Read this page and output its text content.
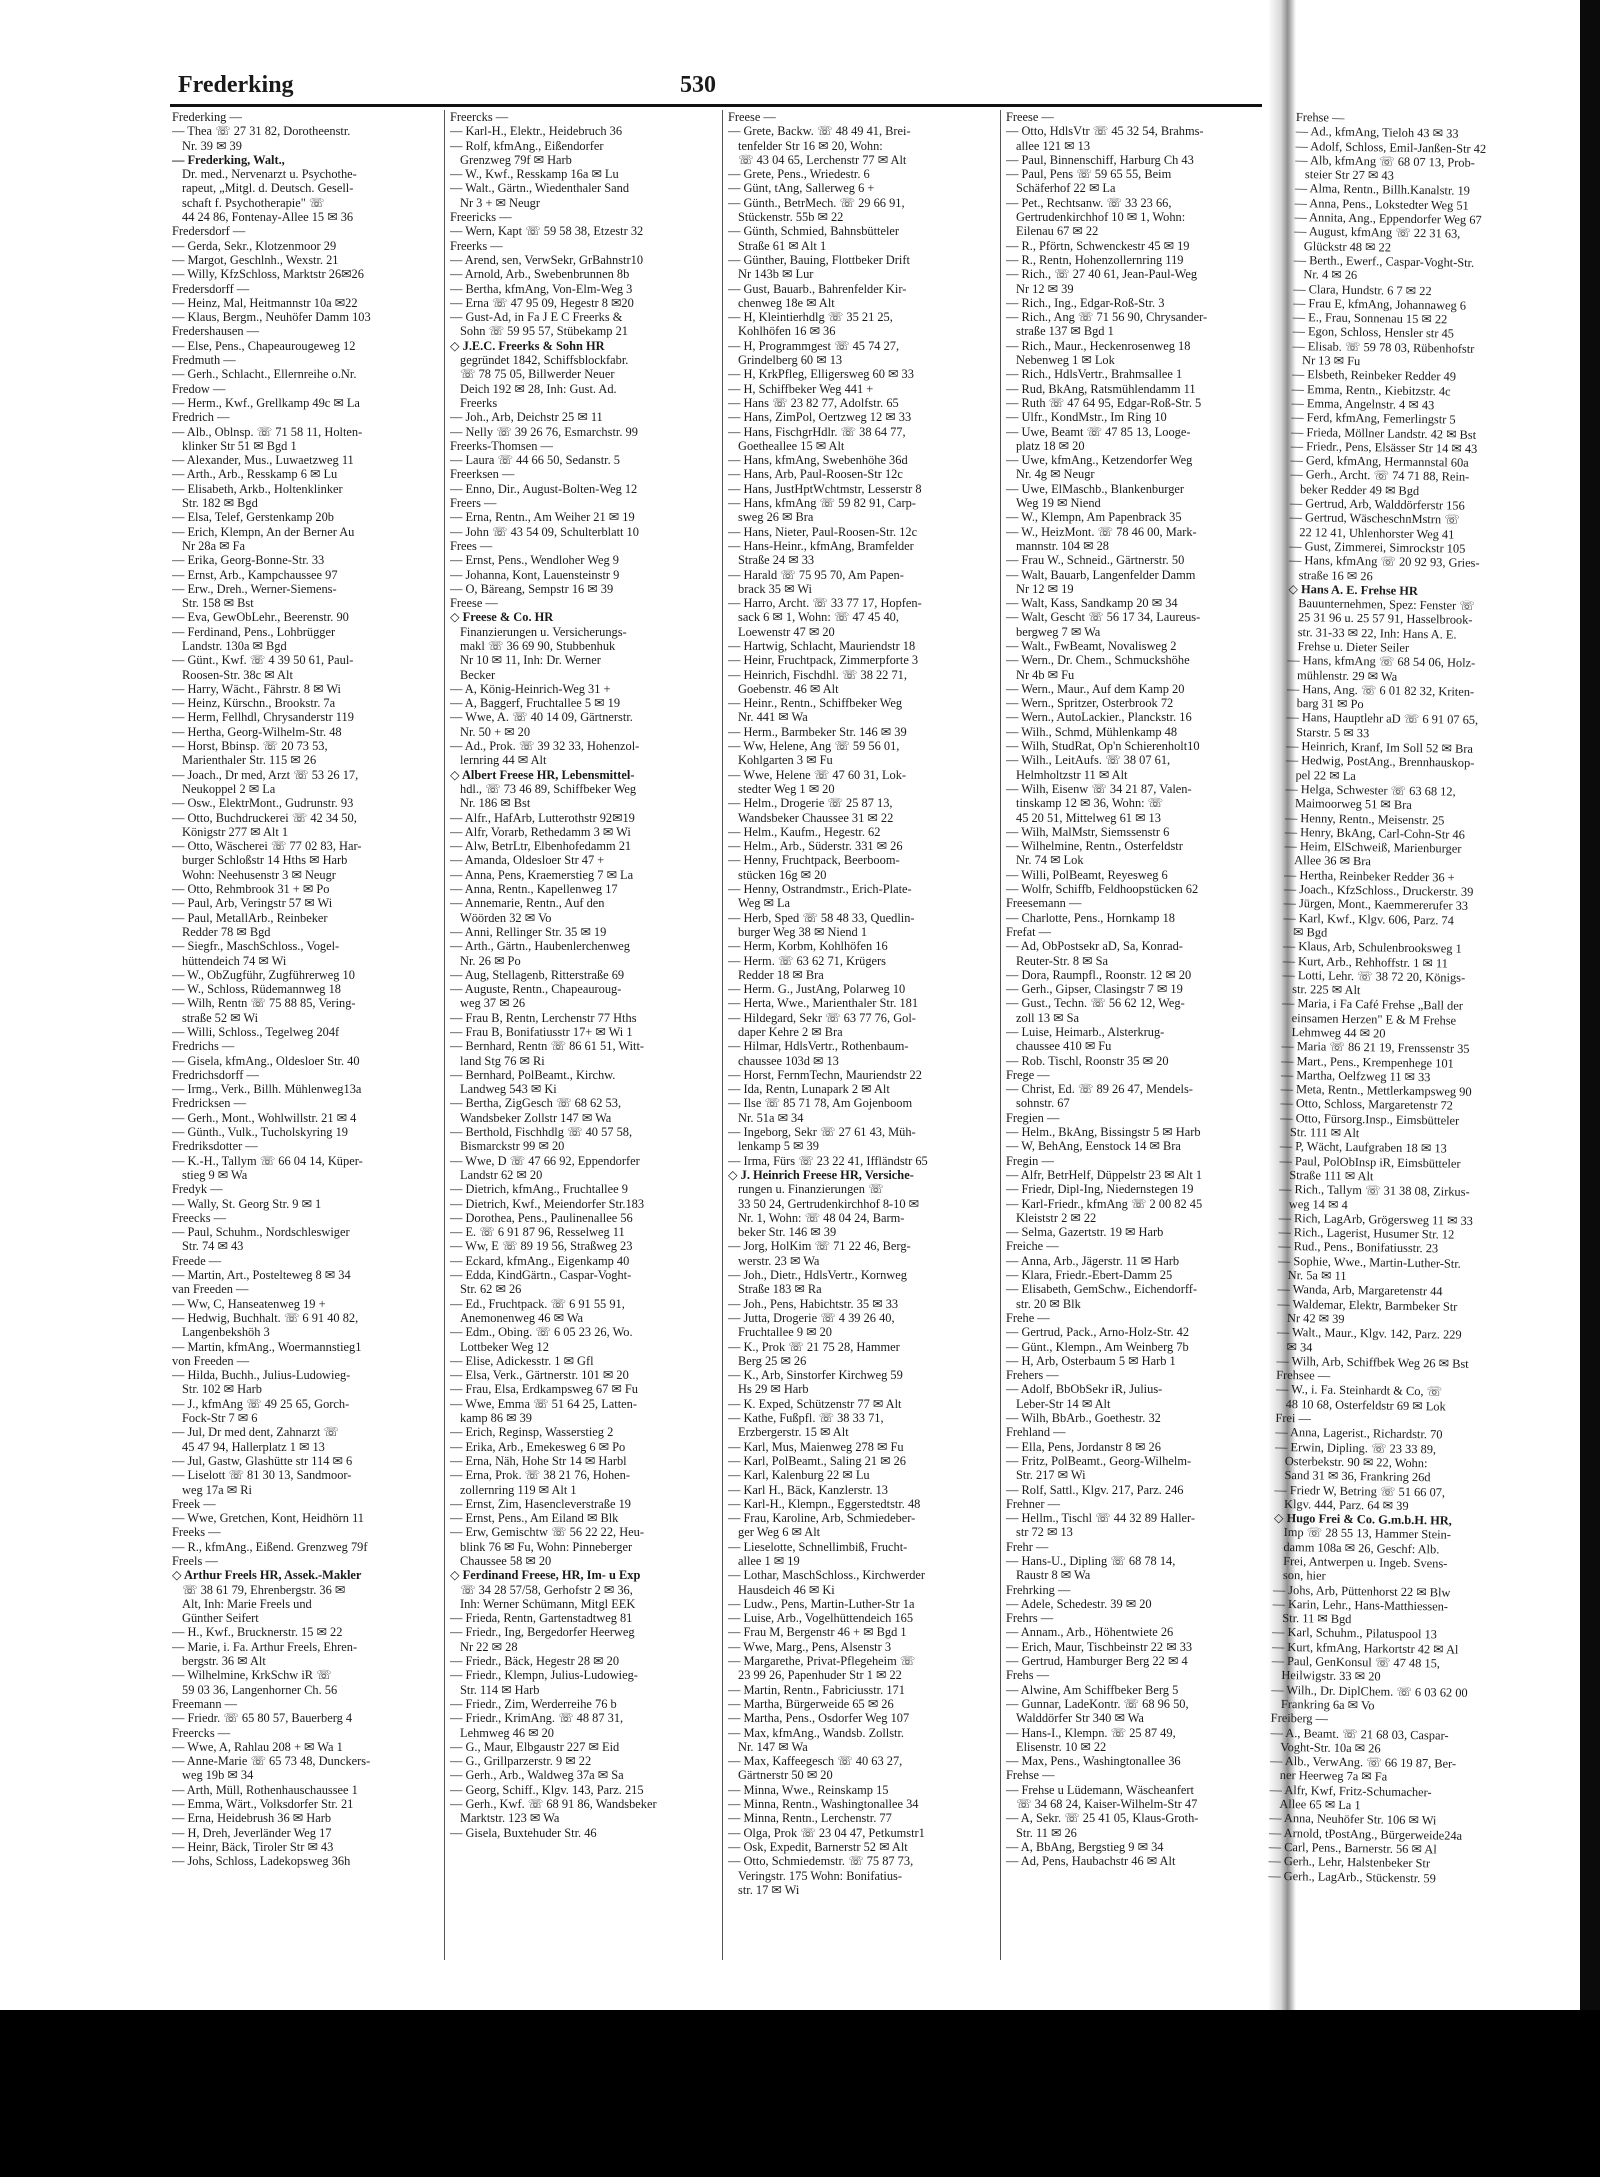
Frederking	530
Frederking —
— Thea ☏ 27 31 82, Dorotheenstr.
Nr. 39 ✉ 39
— Frederking, Walt.,
Dr. med., Nervenarzt u. Psychothe-
rapeut, „Mitgl. d. Deutsch. Gesell-
schaft f. Psychotherapie" ☏
44 24 86, Fontenay-Allee 15 ✉ 36
Fredersdorf —
— Gerda, Sekr., Klotzenmoor 29
— Margot, Geschlnh., Wexstr. 21
— Willy, KfzSchloss, Marktstr 26✉26
Fredersdorff —
— Heinz, Mal, Heitmannstr 10a ✉22
— Klaus, Bergm., Neuhöfer Damm 103
Fredershausen —
— Else, Pens., Chapeaurougeweg 12
Fredmuth —
— Gerh., Schlacht., Ellernreihe o.Nr.
Fredow —
— Herm., Kwf., Grellkamp 49c ✉ La
Fredrich —
— Alb., Oblnsp. ☏ 71 58 11, Holten-
klinker Str 51 ✉ Bgd 1
— Alexander, Mus., Luwaetzweg 11
— Arth., Arb., Resskamp 6 ✉ Lu
— Elisabeth, Arkb., Holtenklinker
Str. 182 ✉ Bgd
— Elsa, Telef, Gerstenkamp 20b
— Erich, Klempn, An der Berner Au
Nr 28a ✉ Fa
— Erika, Georg-Bonne-Str. 33
— Ernst, Arb., Kampchaussee 97
— Erw., Dreh., Werner-Siemens-
Str. 158 ✉ Bst
— Eva, GewObLehr., Beerenstr. 90
— Ferdinand, Pens., Lohbrügger
Landstr. 130a ✉ Bgd
— Günt., Kwf. ☏ 4 39 50 61, Paul-
Roosen-Str. 38c ✉ Alt
— Harry, Wächt., Fährstr. 8 ✉ Wi
— Heinz, Kürschn., Brookstr. 7a
— Herm, Fellhdl, Chrysanderstr 119
— Hertha, Georg-Wilhelm-Str. 48
— Horst, Bbinsp. ☏ 20 73 53,
Marienthaler Str. 115 ✉ 26
— Joach., Dr med, Arzt ☏ 53 26 17,
Neukoppel 2 ✉ La
— Osw., ElektrMont., Gudrunstr. 93
— Otto, Buchdruckerei ☏ 42 34 50,
Königstr 277 ✉ Alt 1
— Otto, Wäscherei ☏ 77 02 83, Har-
burger Schloßstr 14 Hths ✉ Harb
Wohn: Neehusenstr 3 ✉ Neugr
— Otto, Rehmbrook 31 + ✉ Po
— Paul, Arb, Veringstr 57 ✉ Wi
— Paul, MetallArb., Reinbeker
Redder 78 ✉ Bgd
— Siegfr., MaschSchloss., Vogel-
hüttendeich 74 ✉ Wi
— W., ObZugführ, Zugführerweg 10
— W., Schloss, Rüdemannweg 18
— Wilh, Rentn ☏ 75 88 85, Vering-
straße 52 ✉ Wi
— Willi, Schloss., Tegelweg 204f
Fredrichs —
— Gisela, kfmAng., Oldesloer Str. 40
Fredrichsdorff —
— Irmg., Verk., Billh. Mühlenweg13a
Fredricksen —
— Gerh., Mont., Wohlwillstr. 21 ✉ 4
— Günth., Vulk., Tucholskyring 19
Fredriksdotter —
— K.-H., Tallym ☏ 66 04 14, Küper-
stieg 9 ✉ Wa
Fredyk —
— Wally, St. Georg Str. 9 ✉ 1
Freecks —
— Paul, Schuhm., Nordschleswiger
Str. 74 ✉ 43
Freede —
— Martin, Art., Postelteweg 8 ✉ 34
van Freeden —
— Ww, C, Hanseatenweg 19 +
— Hedwig, Buchhalt. ☏ 6 91 40 82,
Langenbekshöh 3
— Martin, kfmAng., Woermannstieg1
von Freeden —
— Hilda, Buchh., Julius-Ludowieg-
Str. 102 ✉ Harb
— J., kfmAng ☏ 49 25 65, Gorch-
Fock-Str 7 ✉ 6
— Jul, Dr med dent, Zahnarzt ☏
45 47 94, Hallerplatz 1 ✉ 13
— Jul, Gastw, Glashütte str 114 ✉ 6
— Liselott ☏ 81 30 13, Sandmoor-
weg 17a ✉ Ri
Freek —
— Wwe, Gretchen, Kont, Heidhörn 11
Freeks —
— R., kfmAng., Eißend. Grenzweg 79f
Freels —
◇ Arthur Freels HR, Assek.-Makler
☏ 38 61 79, Ehrenbergstr. 36 ✉
Alt, Inh: Marie Freels und
Günther Seifert
— H., Kwf., Brucknerstr. 15 ✉ 22
— Marie, i. Fa. Arthur Freels, Ehren-
bergstr. 36 ✉ Alt
— Wilhelmine, KrkSchw iR ☏
59 03 36, Langenhorner Ch. 56
Freemann —
— Friedr. ☏ 65 80 57, Bauerberg 4
Freercks —
— Wwe, A, Rahlau 208 + ✉ Wa 1
— Anne-Marie ☏ 65 73 48, Dunckers-
weg 19b ✉ 34
— Arth, Müll, Rothenhauschaussee 1
— Emma, Wärt., Volksdorfer Str. 21
— Erna, Heidebrush 36 ✉ Harb
— H, Dreh, Jeverländer Weg 17
— Heinr, Bäck, Tiroler Str ✉ 43
— Johs, Schloss, Ladekopsweg 36h
Freercks —
— Karl-H., Elektr., Heidebruch 36
— Rolf, kfmAng., Eißendorfer
Grenzweg 79f ✉ Harb
— W., Kwf., Resskamp 16a ✉ Lu
— Walt., Gärtn., Wiedenthaler Sand
Nr 3 + ✉ Neugr
Freericks —
— Wern, Kapt ☏ 59 58 38, Etzestr 32
Freerks —
— Arend, sen, VerwSekr, GrBahnstr10
— Arnold, Arb., Swebenbrunnen 8b
— Bertha, kfmAng, Von-Elm-Weg 3
— Erna ☏ 47 95 09, Hegestr 8 ✉20
— Gust-Ad, in Fa J E C Freerks &
Sohn ☏ 59 95 57, Stübekamp 21
◇ J.E.C. Freerks & Sohn HR
gegründet 1842, Schiffsblockfabr.
☏ 78 75 05, Billwerder Neuer
Deich 192 ✉ 28, Inh: Gust. Ad.
Freerks
— Joh., Arb, Deichstr 25 ✉ 11
— Nelly ☏ 39 26 76, Esmarchstr. 99
Freerks-Thomsen —
— Laura ☏ 44 66 50, Sedanstr. 5
Freerksen —
— Enno, Dir., August-Bolten-Weg 12
Freers —
— Erna, Rentn., Am Weiher 21 ✉ 19
— John ☏ 43 54 09, Schulterblatt 10
Frees —
— Ernst, Pens., Wendloher Weg 9
— Johanna, Kont, Lauensteinstr 9
— O, Bäreang, Sempstr 16 ✉ 39
Freese —
◇ Freese & Co. HR
Finanzierungen u. Versicherungs-
makl ☏ 36 69 90, Stubbenhuk
Nr 10 ✉ 11, Inh: Dr. Werner
Becker
— A, König-Heinrich-Weg 31 +
— A, Baggerf, Fruchtallee 5 ✉ 19
— Wwe, A. ☏ 40 14 09, Gärtnerstr.
Nr. 50 + ✉ 20
— Ad., Prok. ☏ 39 32 33, Hohenzol-
lernring 44 ✉ Alt
◇ Albert Freese HR, Lebensmittel-
hdl., ☏ 73 46 89, Schiffbeker Weg
Nr. 186 ✉ Bst
— Alfr., HafArb, Lutterothstr 92✉19
— Alfr, Vorarb, Rethedamm 3 ✉ Wi
— Alw, BetrLtr, Elbenhofedamm 21
— Amanda, Oldesloer Str 47 +
— Anna, Pens, Kraemerstieg 7 ✉ La
— Anna, Rentn., Kapellenweg 17
— Annemarie, Rentn., Auf den
Wöörden 32 ✉ Vo
— Anni, Rellinger Str. 35 ✉ 19
— Arth., Gärtn., Haubenlerchenweg
Nr. 26 ✉ Po
— Aug, Stellagenb, Ritterstraße 69
— Auguste, Rentn., Chapeauroug-
weg 37 ✉ 26
— Frau B, Rentn, Lerchenstr 77 Hths
— Frau B, Bonifatiusstr 17+ ✉ Wi 1
— Bernhard, Rentn ☏ 86 61 51, Witt-
land Stg 76 ✉ Ri
— Bernhard, PolBeamt., Kirchw.
Landweg 543 ✉ Ki
— Bertha, ZigGesch ☏ 68 62 53,
Wandsbeker Zollstr 147 ✉ Wa
— Berthold, Fischhdlg ☏ 40 57 58,
Bismarckstr 99 ✉ 20
— Wwe, D ☏ 47 66 92, Eppendorfer
Landstr 62 ✉ 20
— Dietrich, kfmAng., Fruchtallee 9
— Dietrich, Kwf., Meiendorfer Str.183
— Dorothea, Pens., Paulinenallee 56
— E. ☏ 6 91 87 96, Resselweg 11
— Ww, E ☏ 89 19 56, Straßweg 23
— Eckard, kfmAng., Eigenkamp 40
— Edda, KindGärtn., Caspar-Voght-
Str. 62 ✉ 26
— Ed., Fruchtpack. ☏ 6 91 55 91,
Anemonenweg 46 ✉ Wa
— Edm., Obing. ☏ 6 05 23 26, Wo.
Lottbeker Weg 12
— Elise, Adickesstr. 1 ✉ Gfl
— Elsa, Verk., Gärtnerstr. 101 ✉ 20
— Frau, Elsa, Erdkampsweg 67 ✉ Fu
— Wwe, Emma ☏ 51 64 25, Latten-
kamp 86 ✉ 39
— Erich, Reginsp, Wasserstieg 2
— Erika, Arb., Emekesweg 6 ✉ Po
— Erna, Näh, Hohe Str 14 ✉ Harbl
— Erna, Prok. ☏ 38 21 76, Hohen-
zollernring 119 ✉ Alt 1
— Ernst, Zim, Hasencleverstraße 19
— Ernst, Pens., Am Eiland ✉ Blk
— Erw, Gemischtw ☏ 56 22 22, Heu-
blink 76 ✉ Fu, Wohn: Pinneberger
Chaussee 58 ✉ 20
◇ Ferdinand Freese, HR, Im- u Exp
☏ 34 28 57/58, Gerhofstr 2 ✉ 36,
Inh: Werner Schümann, Mitgl EEK
— Frieda, Rentn, Gartenstadtweg 81
— Friedr., Ing, Bergedorfer Heerweg
Nr 22 ✉ 28
— Friedr., Bäck, Hegestr 28 ✉ 20
— Friedr., Klempn, Julius-Ludowieg-
Str. 114 ✉ Harb
— Friedr., Zim, Werderreihe 76 b
— Friedr., KrimAng. ☏ 48 87 31,
Lehmweg 46 ✉ 20
— G., Maur, Elbgaustr 227 ✉ Eid
— G., Grillparzerstr. 9 ✉ 22
— Gerh., Arb., Waldweg 37a ✉ Sa
— Georg, Schiff., Klgv. 143, Parz. 215
— Gerh., Kwf. ☏ 68 91 86, Wandsbeker
Marktstr. 123 ✉ Wa
— Gisela, Buxtehuder Str. 46
Freese —
— Grete, Backw. ☏ 48 49 41, Brei-
tenfelder Str 16 ✉ 20, Wohn:
☏ 43 04 65, Lerchenstr 77 ✉ Alt
— Grete, Pens., Wriedestr. 6
— Günt, tAng, Sallerweg 6 +
— Günth., BetrMech. ☏ 29 66 91,
Stückenstr. 55b ✉ 22
— Günth, Schmied, Bahnsbütteler
Straße 61 ✉ Alt 1
— Günther, Bauing, Flottbeker Drift
Nr 143b ✉ Lur
— Gust, Bauarb., Bahrenfelder Kir-
chenweg 18e ✉ Alt
— H, Kleintierhdlg ☏ 35 21 25,
Kohlhöfen 16 ✉ 36
— H, Programmgest ☏ 45 74 27,
Grindelberg 60 ✉ 13
— H, KrkPfleg, Elligersweg 60 ✉ 33
— H, Schiffbeker Weg 441 +
— Hans ☏ 23 82 77, Adolfstr. 65
— Hans, ZimPol, Oertzweg 12 ✉ 33
— Hans, FischgrHdlr. ☏ 38 64 77,
Goetheallee 15 ✉ Alt
— Hans, kfmAng, Swebenhöhe 36d
— Hans, Arb, Paul-Roosen-Str 12c
— Hans, JustHptWchtmstr, Lesserstr 8
— Hans, kfmAng ☏ 59 82 91, Carp-
sweg 26 ✉ Bra
— Hans, Nieter, Paul-Roosen-Str. 12c
— Hans-Heinr., kfmAng, Bramfelder
Straße 24 ✉ 33
— Harald ☏ 75 95 70, Am Papen-
brack 35 ✉ Wi
— Harro, Archt. ☏ 33 77 17, Hopfen-
sack 6 ✉ 1, Wohn: ☏ 47 45 40,
Loewenstr 47 ✉ 20
— Hartwig, Schlacht, Mauriendstr 18
— Heinr, Fruchtpack, Zimmerpforte 3
— Heinrich, Fischdhl. ☏ 38 22 71,
Goebenstr. 46 ✉ Alt
— Heinr., Rentn., Schiffbeker Weg
Nr. 441 ✉ Wa
— Herm., Barmbeker Str. 146 ✉ 39
— Ww, Helene, Ang ☏ 59 56 01,
Kohlgarten 3 ✉ Fu
— Wwe, Helene ☏ 47 60 31, Lok-
stedter Weg 1 ✉ 20
— Helm., Drogerie ☏ 25 87 13,
Wandsbeker Chaussee 31 ✉ 22
— Helm., Kaufm., Hegestr. 62
— Helm., Arb., Süderstr. 331 ✉ 26
— Henny, Fruchtpack, Beerboom-
stücken 16g ✉ 20
— Henny, Ostrandmstr., Erich-Plate-
Weg ✉ La
— Herb, Sped ☏ 58 48 33, Quedlin-
burger Weg 38 ✉ Niend 1
— Herm, Korbm, Kohlhöfen 16
— Herm. ☏ 63 62 71, Krügers
Redder 18 ✉ Bra
— Herm. G., JustAng, Polarweg 10
— Herta, Wwe., Marienthaler Str. 181
— Hildegard, Sekr ☏ 63 77 76, Gol-
daper Kehre 2 ✉ Bra
— Hilmar, HdlsVertr., Rothenbaum-
chaussee 103d ✉ 13
— Horst, FernmTechn, Mauriendstr 22
— Ida, Rentn, Lunapark 2 ✉ Alt
— Ilse ☏ 85 71 78, Am Gojenboom
Nr. 51a ✉ 34
— Ingeborg, Sekr ☏ 27 61 43, Müh-
lenkamp 5 ✉ 39
— Irma, Fürs ☏ 23 22 41, Iffländstr 65
◇ J. Heinrich Freese HR, Versiche-
rungen u. Finanzierungen ☏
33 50 24, Gertrudenkirchhof 8-10 ✉
Nr. 1, Wohn: ☏ 48 04 24, Barm-
beker Str. 146 ✉ 39
— Jorg, HolKim ☏ 71 22 46, Berg-
werstr. 23 ✉ Wa
— Joh., Dietr., HdlsVertr., Kornweg
Straße 183 ✉ Ra
— Joh., Pens, Habichtstr. 35 ✉ 33
— Jutta, Drogerie ☏ 4 39 26 40,
Fruchtallee 9 ✉ 20
— K., Prok ☏ 21 75 28, Hammer
Berg 25 ✉ 26
— K., Arb, Sinstorfer Kirchweg 59
Hs 29 ✉ Harb
— K. Exped, Schützenstr 77 ✉ Alt
— Kathe, Fußpfl. ☏ 38 33 71,
Erzbergerstr. 15 ✉ Alt
— Karl, Mus, Maienweg 278 ✉ Fu
— Karl, PolBeamt., Saling 21 ✉ 26
— Karl, Kalenburg 22 ✉ Lu
— Karl H., Bäck, Kanzlerstr. 13
— Karl-H., Klempn., Eggerstedtstr. 48
— Frau, Karoline, Arb, Schmiedeber-
ger Weg 6 ✉ Alt
— Lieselotte, Schnellimbiß, Frucht-
allee 1 ✉ 19
— Lothar, MaschSchloss., Kirchwerder
Hausdeich 46 ✉ Ki
— Ludw., Pens, Martin-Luther-Str 1a
— Luise, Arb., Vogelhüttendeich 165
— Frau M, Bergenstr 46 + ✉ Bgd 1
— Wwe, Marg., Pens, Alsenstr 3
— Margarethe, Privat-Pflegeheim ☏
23 99 26, Papenhuder Str 1 ✉ 22
— Martin, Rentn., Fabriciusstr. 171
— Martha, Bürgerweide 65 ✉ 26
— Martha, Pens., Osdorfer Weg 107
— Max, kfmAng., Wandsb. Zollstr.
Nr. 147 ✉ Wa
— Max, Kaffeegesch ☏ 40 63 27,
Gärtnerstr 50 ✉ 20
— Minna, Wwe., Reinskamp 15
— Minna, Rentn., Washingtonallee 34
— Minna, Rentn., Lerchenstr. 77
— Olga, Prok ☏ 23 04 47, Petkumstr1
— Osk, Expedit, Barnerstr 52 ✉ Alt
— Otto, Schmiedemstr. ☏ 75 87 73,
Veringstr. 175 Wohn: Bonifatius-
str. 17 ✉ Wi
Freese —
— Otto, HdlsVtr ☏ 45 32 54, Brahms-
allee 121 ✉ 13
— Paul, Binnenschiff, Harburg Ch 43
— Paul, Pens ☏ 59 65 55, Beim
Schäferhof 22 ✉ La
— Pet., Rechtsanw. ☏ 33 23 66,
Gertrudenkirchhof 10 ✉ 1, Wohn:
Eilenau 67 ✉ 22
— R., Pförtn, Schwenckestr 45 ✉ 19
— R., Rentn, Hohenzollernring 119
— Rich., ☏ 27 40 61, Jean-Paul-Weg
Nr 12 ✉ 39
— Rich., Ing., Edgar-Roß-Str. 3
— Rich., Ang ☏ 71 56 90, Chrysander-
straße 137 ✉ Bgd 1
— Rich., Maur., Heckenrosenweg 18
Nebenweg 1 ✉ Lok
— Rich., HdlsVertr., Brahmsallee 1
— Rud, BkAng, Ratsmühlendamm 11
— Ruth ☏ 47 64 95, Edgar-Roß-Str. 5
— Ulfr., KondMstr., Im Ring 10
— Uwe, Beamt ☏ 47 85 13, Looge-
platz 18 ✉ 20
— Uwe, kfmAng., Ketzendorfer Weg
Nr. 4g ✉ Neugr
— Uwe, ElMaschb., Blankenburger
Weg 19 ✉ Niend
— W., Klempn, Am Papenbrack 35
— W., HeizMont. ☏ 78 46 00, Mark-
mannstr. 104 ✉ 28
— Frau W., Schneid., Gärtnerstr. 50
— Walt, Bauarb, Langenfelder Damm
Nr 12 ✉ 19
— Walt, Kass, Sandkamp 20 ✉ 34
— Walt, Gescht ☏ 56 17 34, Laureus-
bergweg 7 ✉ Wa
— Walt., FwBeamt, Novalisweg 2
— Wern., Dr. Chem., Schmuckshöhe
Nr 4b ✉ Fu
— Wern., Maur., Auf dem Kamp 20
— Wern., Spritzer, Osterbrook 72
— Wern., AutoLackier., Planckstr. 16
— Wilh., Schmd, Mühlenkamp 48
— Wilh, StudRat, Op'n Schierenholt10
— Wilh., LeitAufs. ☏ 38 07 61,
Helmholtzstr 11 ✉ Alt
— Wilh, Eisenw ☏ 34 21 87, Valen-
tinskamp 12 ✉ 36, Wohn: ☏
45 20 51, Mittelweg 61 ✉ 13
— Wilh, MalMstr, Siemssenstr 6
— Wilhelmine, Rentn., Osterfeldstr
Nr. 74 ✉ Lok
— Willi, PolBeamt, Reyesweg 6
— Wolfr, Schiffb, Feldhoopstücken 62
Freesemann —
— Charlotte, Pens., Hornkamp 18
Frefat —
— Ad, ObPostsekr aD, Sa, Konrad-
Reuter-Str. 8 ✉ Sa
— Dora, Raumpfl., Roonstr. 12 ✉ 20
— Gerh., Gipser, Clasingstr 7 ✉ 19
— Gust., Techn. ☏ 56 62 12, Weg-
zoll 13 ✉ Sa
— Luise, Heimarb., Alsterkrug-
chaussee 410 ✉ Fu
— Rob. Tischl, Roonstr 35 ✉ 20
Frege —
— Christ, Ed. ☏ 89 26 47, Mendels-
sohnstr. 67
Fregien —
— Helm., BkAng, Bissingstr 5 ✉ Harb
— W, BehAng, Eenstock 14 ✉ Bra
Fregin —
— Alfr, BetrHelf, Düppelstr 23 ✉ Alt 1
— Friedr, Dipl-Ing, Niedernstegen 19
— Karl-Friedr., kfmAng ☏ 2 00 82 45
Kleiststr 2 ✉ 22
— Selma, Gazertstr. 19 ✉ Harb
Freiche —
— Anna, Arb., Jägerstr. 11 ✉ Harb
— Klara, Friedr.-Ebert-Damm 25
— Elisabeth, GemSchw., Eichendorff-
str. 20 ✉ Blk
Frehe —
— Gertrud, Pack., Arno-Holz-Str. 42
— Günt., Klempn., Am Weinberg 7b
— H, Arb, Osterbaum 5 ✉ Harb 1
Frehers —
— Adolf, BbObSekr iR, Julius-
Leber-Str 14 ✉ Alt
— Wilh, BbArb., Goethestr. 32
Frehland —
— Ella, Pens, Jordanstr 8 ✉ 26
— Fritz, PolBeamt., Georg-Wilhelm-
Str. 217 ✉ Wi
— Rolf, Sattl., Klgv. 217, Parz. 246
Frehner —
— Hellm., Tischl ☏ 44 32 89 Haller-
str 72 ✉ 13
Frehr —
— Hans-U., Dipling ☏ 68 78 14,
Raustr 8 ✉ Wa
Frehrking —
— Adele, Schedestr. 39 ✉ 20
Frehrs —
— Annam., Arb., Höhentwiete 26
— Erich, Maur, Tischbeinstr 22 ✉ 33
— Gertrud, Hamburger Berg 22 ✉ 4
Frehs —
— Alwine, Am Schiffbeker Berg 5
— Gunnar, LadeKontr. ☏ 68 96 50,
Walddörfer Str 340 ✉ Wa
— Hans-I., Klempn. ☏ 25 87 49,
Elisenstr. 10 ✉ 22
— Max, Pens., Washingtonallee 36
Frehse —
— Frehse u Lüdemann, Wäscheanfert
☏ 34 68 24, Kaiser-Wilhelm-Str 47
— A, Sekr. ☏ 25 41 05, Klaus-Groth-
Str. 11 ✉ 26
— A, BbAng, Bergstieg 9 ✉ 34
— Ad, Pens, Haubachstr 46 ✉ Alt
Frehse —
— Ad., kfmAng, Tieloh 43 ✉ 33
— Adolf, Schloss, Emil-Janßen-Str 42
— Alb, kfmAng ☏ 68 07 13, Prob-
steier Str 27 ✉ 43
— Alma, Rentn., Billh.Kanalstr. 19
— Anna, Pens., Lokstedter Weg 51
— Annita, Ang., Eppendorfer Weg 67
— August, kfmAng ☏ 22 31 63,
Glückstr 48 ✉ 22
— Berth., Ewerf., Caspar-Voght-Str.
Nr. 4 ✉ 26
— Clara, Hundstr. 6 7 ✉ 22
— Frau E, kfmAng, Johannaweg 6
— E., Frau, Sonnenau 15 ✉ 22
— Egon, Schloss, Hensler str 45
— Elisab. ☏ 59 78 03, Rübenhofstr
Nr 13 ✉ Fu
— Elsbeth, Reinbeker Redder 49
— Emma, Rentn., Kiebitzstr. 4c
— Emma, Angelnstr. 4 ✉ 43
— Ferd, kfmAng, Femerlingstr 5
— Frieda, Möllner Landstr. 42 ✉ Bst
— Friedr., Pens, Elsässer Str 14 ✉ 43
— Gerd, kfmAng, Hermannstal 60a
— Gerh., Archt. ☏ 74 71 88, Rein-
beker Redder 49 ✉ Bgd
— Gertrud, Arb, Walddörferstr 156
— Gertrud, WäscheschnMstrn ☏
22 12 41, Uhlenhorster Weg 41
— Gust, Zimmerei, Simrockstr 105
— Hans, kfmAng ☏ 20 92 93, Gries-
straße 16 ✉ 26
◇ Hans A. E. Frehse HR
Bauunternehmen, Spez: Fenster ☏
25 31 96 u. 25 57 91, Hasselbrook-
str. 31-33 ✉ 22, Inh: Hans A. E.
Frehse u. Dieter Seiler
— Hans, kfmAng ☏ 68 54 06, Holz-
mühlenstr. 29 ✉ Wa
— Hans, Ang. ☏ 6 01 82 32, Kriten-
barg 31 ✉ Po
— Hans, Hauptlehr aD ☏ 6 91 07 65,
Starstr. 5 ✉ 33
— Heinrich, Kranf, Im Soll 52 ✉ Bra
— Hedwig, PostAng., Brennhauskop-
pel 22 ✉ La
— Helga, Schwester ☏ 63 68 12,
Maimoorweg 51 ✉ Bra
— Henny, Rentn., Meisenstr. 25
— Henry, BkAng, Carl-Cohn-Str 46
— Heim, ElSchweiß, Marienburger
Allee 36 ✉ Bra
— Hertha, Reinbeker Redder 36 +
— Joach., KfzSchloss., Druckerstr. 39
— Jürgen, Mont., Kaemmererufer 33
— Karl, Kwf., Klgv. 606, Parz. 74
✉ Bgd
— Klaus, Arb, Schulenbrooksweg 1
— Kurt, Arb., Rehhoffstr. 1 ✉ 11
— Lotti, Lehr. ☏ 38 72 20, Königs-
str. 225 ✉ Alt
— Maria, i Fa Café Frehse „Ball der
einsamen Herzen" E & M Frehse
Lehmweg 44 ✉ 20
— Maria ☏ 86 21 19, Frenssenstr 35
— Mart., Pens., Krempenhege 101
— Martha, Oelfzweg 11 ✉ 33
— Meta, Rentn., Mettlerkampsweg 90
— Otto, Schloss, Margaretenstr 72
— Otto, Fürsorg.Insp., Eimsbütteler
Str. 111 ✉ Alt
— P, Wächt, Laufgraben 18 ✉ 13
— Paul, PolObInsp iR, Eimsbütteler
Straße 111 ✉ Alt
— Rich., Tallym ☏ 31 38 08, Zirkus-
weg 14 ✉ 4
— Rich, LagArb, Grögersweg 11 ✉ 33
— Rich., Lagerist, Husumer Str. 12
— Rud., Pens., Bonifatiusstr. 23
— Sophie, Wwe., Martin-Luther-Str.
Nr. 5a ✉ 11
— Wanda, Arb, Margaretenstr 44
— Waldemar, Elektr, Barmbeker Str
Nr 42 ✉ 39
— Walt., Maur., Klgv. 142, Parz. 229
✉ 34
— Wilh, Arb, Schiffbek Weg 26 ✉ Bst
Frehsee —
— W., i. Fa. Steinhardt & Co, ☏
48 10 68, Osterfeldstr 69 ✉ Lok
Frei —
— Anna, Lagerist., Richardstr. 70
— Erwin, Dipling. ☏ 23 33 89,
Osterbekstr. 90 ✉ 22, Wohn:
Sand 31 ✉ 36, Frankring 26d
— Friedr W, Betring ☏ 51 66 07,
Klgv. 444, Parz. 64 ✉ 39
◇ Hugo Frei & Co. G.m.b.H. HR,
Imp ☏ 28 55 13, Hammer Stein-
damm 108a ✉ 26, Geschf: Alb.
Frei, Antwerpen u. Ingeb. Svens-
son, hier
— Johs, Arb, Püttenhorst 22 ✉ Blw
— Karin, Lehr., Hans-Matthiessen-
Str. 11 ✉ Bgd
— Karl, Schuhm., Pilatuspool 13
— Kurt, kfmAng, Harkortstr 42 ✉ Al
— Paul, GenKonsul ☏ 47 48 15,
Heilwigstr. 33 ✉ 20
— Wilh., Dr. DiplChem. ☏ 6 03 62 00
Frankring 6a ✉ Vo
Freiberg —
— A., Beamt. ☏ 21 68 03, Caspar-
Voght-Str. 10a ✉ 26
— Alb., VerwAng. ☏ 66 19 87, Ber-
ner Heerweg 7a ✉ Fa
— Alfr, Kwf, Fritz-Schumacher-
Allee 65 ✉ La 1
— Anna, Neuhöfer Str. 106 ✉ Wi
— Arnold, tPostAng., Bürgerweide24a
— Carl, Pens., Barnerstr. 56 ✉ Al
— Gerh., Lehr, Halstenbeker Str
— Gerh., LagArb., Stückenstr. 59
